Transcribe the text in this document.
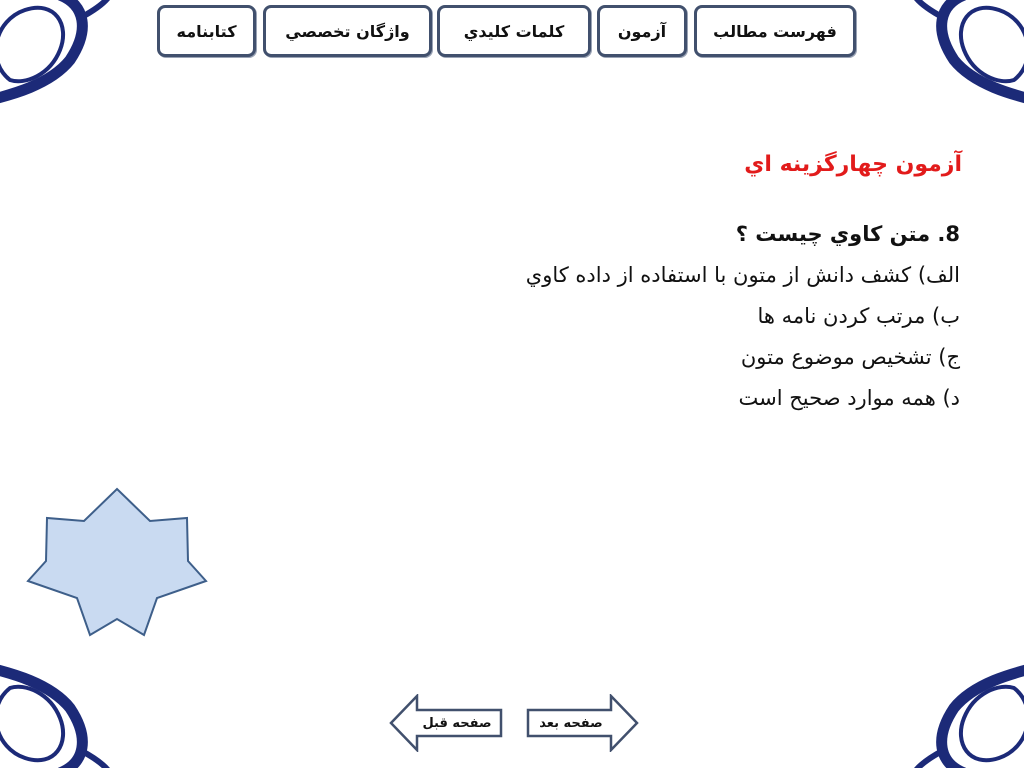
فهرست مطالب
آزمون
کلمات کليدي
واژگان تخصصي
کتابنامه
آزمون چهارگزينه اي
8. متن کاوي چيست ؟
الف) کشف دانش از متون با استفاده از داده کاوي
ب) مرتب کردن نامه ها
ج) تشخيص موضوع متون
د) همه موارد صحيح است
صفحه قبل	صفحه بعد
